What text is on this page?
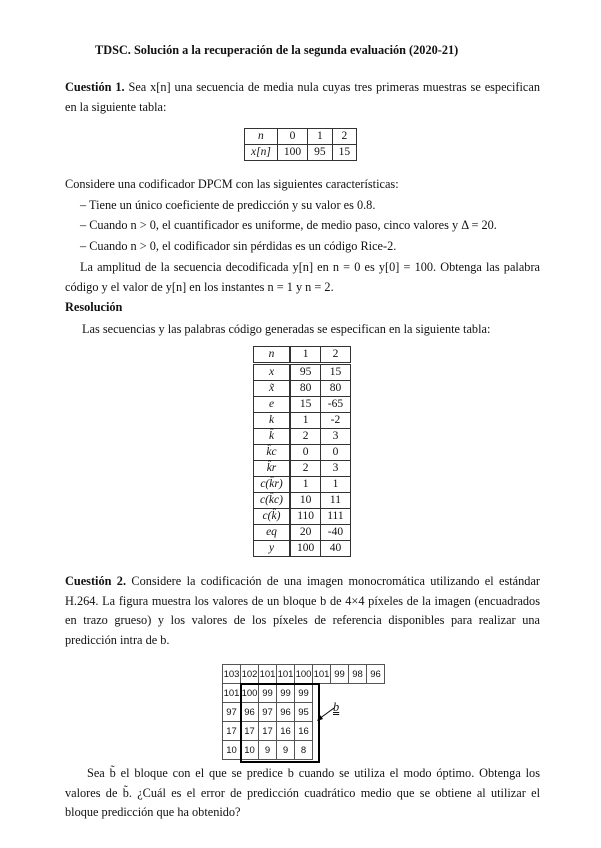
TDSC. Solución a la recuperación de la segunda evaluación (2020-21)
Cuestión 1. Sea x[n] una secuencia de media nula cuyas tres primeras muestras se especifican en la siguiente tabla:
n	0	1	2
x[n]	100	95	15
Considere una codificador DPCM con las siguientes características:
– Tiene un único coeficiente de predicción y su valor es 0.8.
– Cuando n > 0, el cuantificador es uniforme, de medio paso, cinco valores y Δ = 20.
– Cuando n > 0, el codificador sin pérdidas es un código Rice-2.
La amplitud de la secuencia decodificada y[n] en n = 0 es y[0] = 100. Obtenga las palabra código y el valor de y[n] en los instantes n = 1 y n = 2.
Resolución
Las secuencias y las palabras código generadas se especifican en la siguiente tabla:
n	1	2
x	95	15
x̃	80	80
e	15	-65
k	1	-2
k̂	2	3
k̂c	0	0
k̂r	2	3
c(k̂r)	1	1
c(k̂c)	10	11
c(k̂)	110	111
eq	20	-40
y	100	40
Cuestión 2. Considere la codificación de una imagen monocromática utilizando el estándar H.264. La figura muestra los valores de un bloque b de 4×4 píxeles de la imagen (encuadrados en trazo grueso) y los valores de los píxeles de referencia disponibles para realizar una predicción intra de b.
103	102	101	101	100	101	99	98	96
101	100	99	99	99				
97	96	97	96	95				
17	17	17	16	16				
10	10	9	9	8				
b
Sea b̃ el bloque con el que se predice b cuando se utiliza el modo óptimo. Obtenga los valores de b̃. ¿Cuál es el error de predicción cuadrático medio que se obtiene al utilizar el bloque predicción que ha obtenido?
